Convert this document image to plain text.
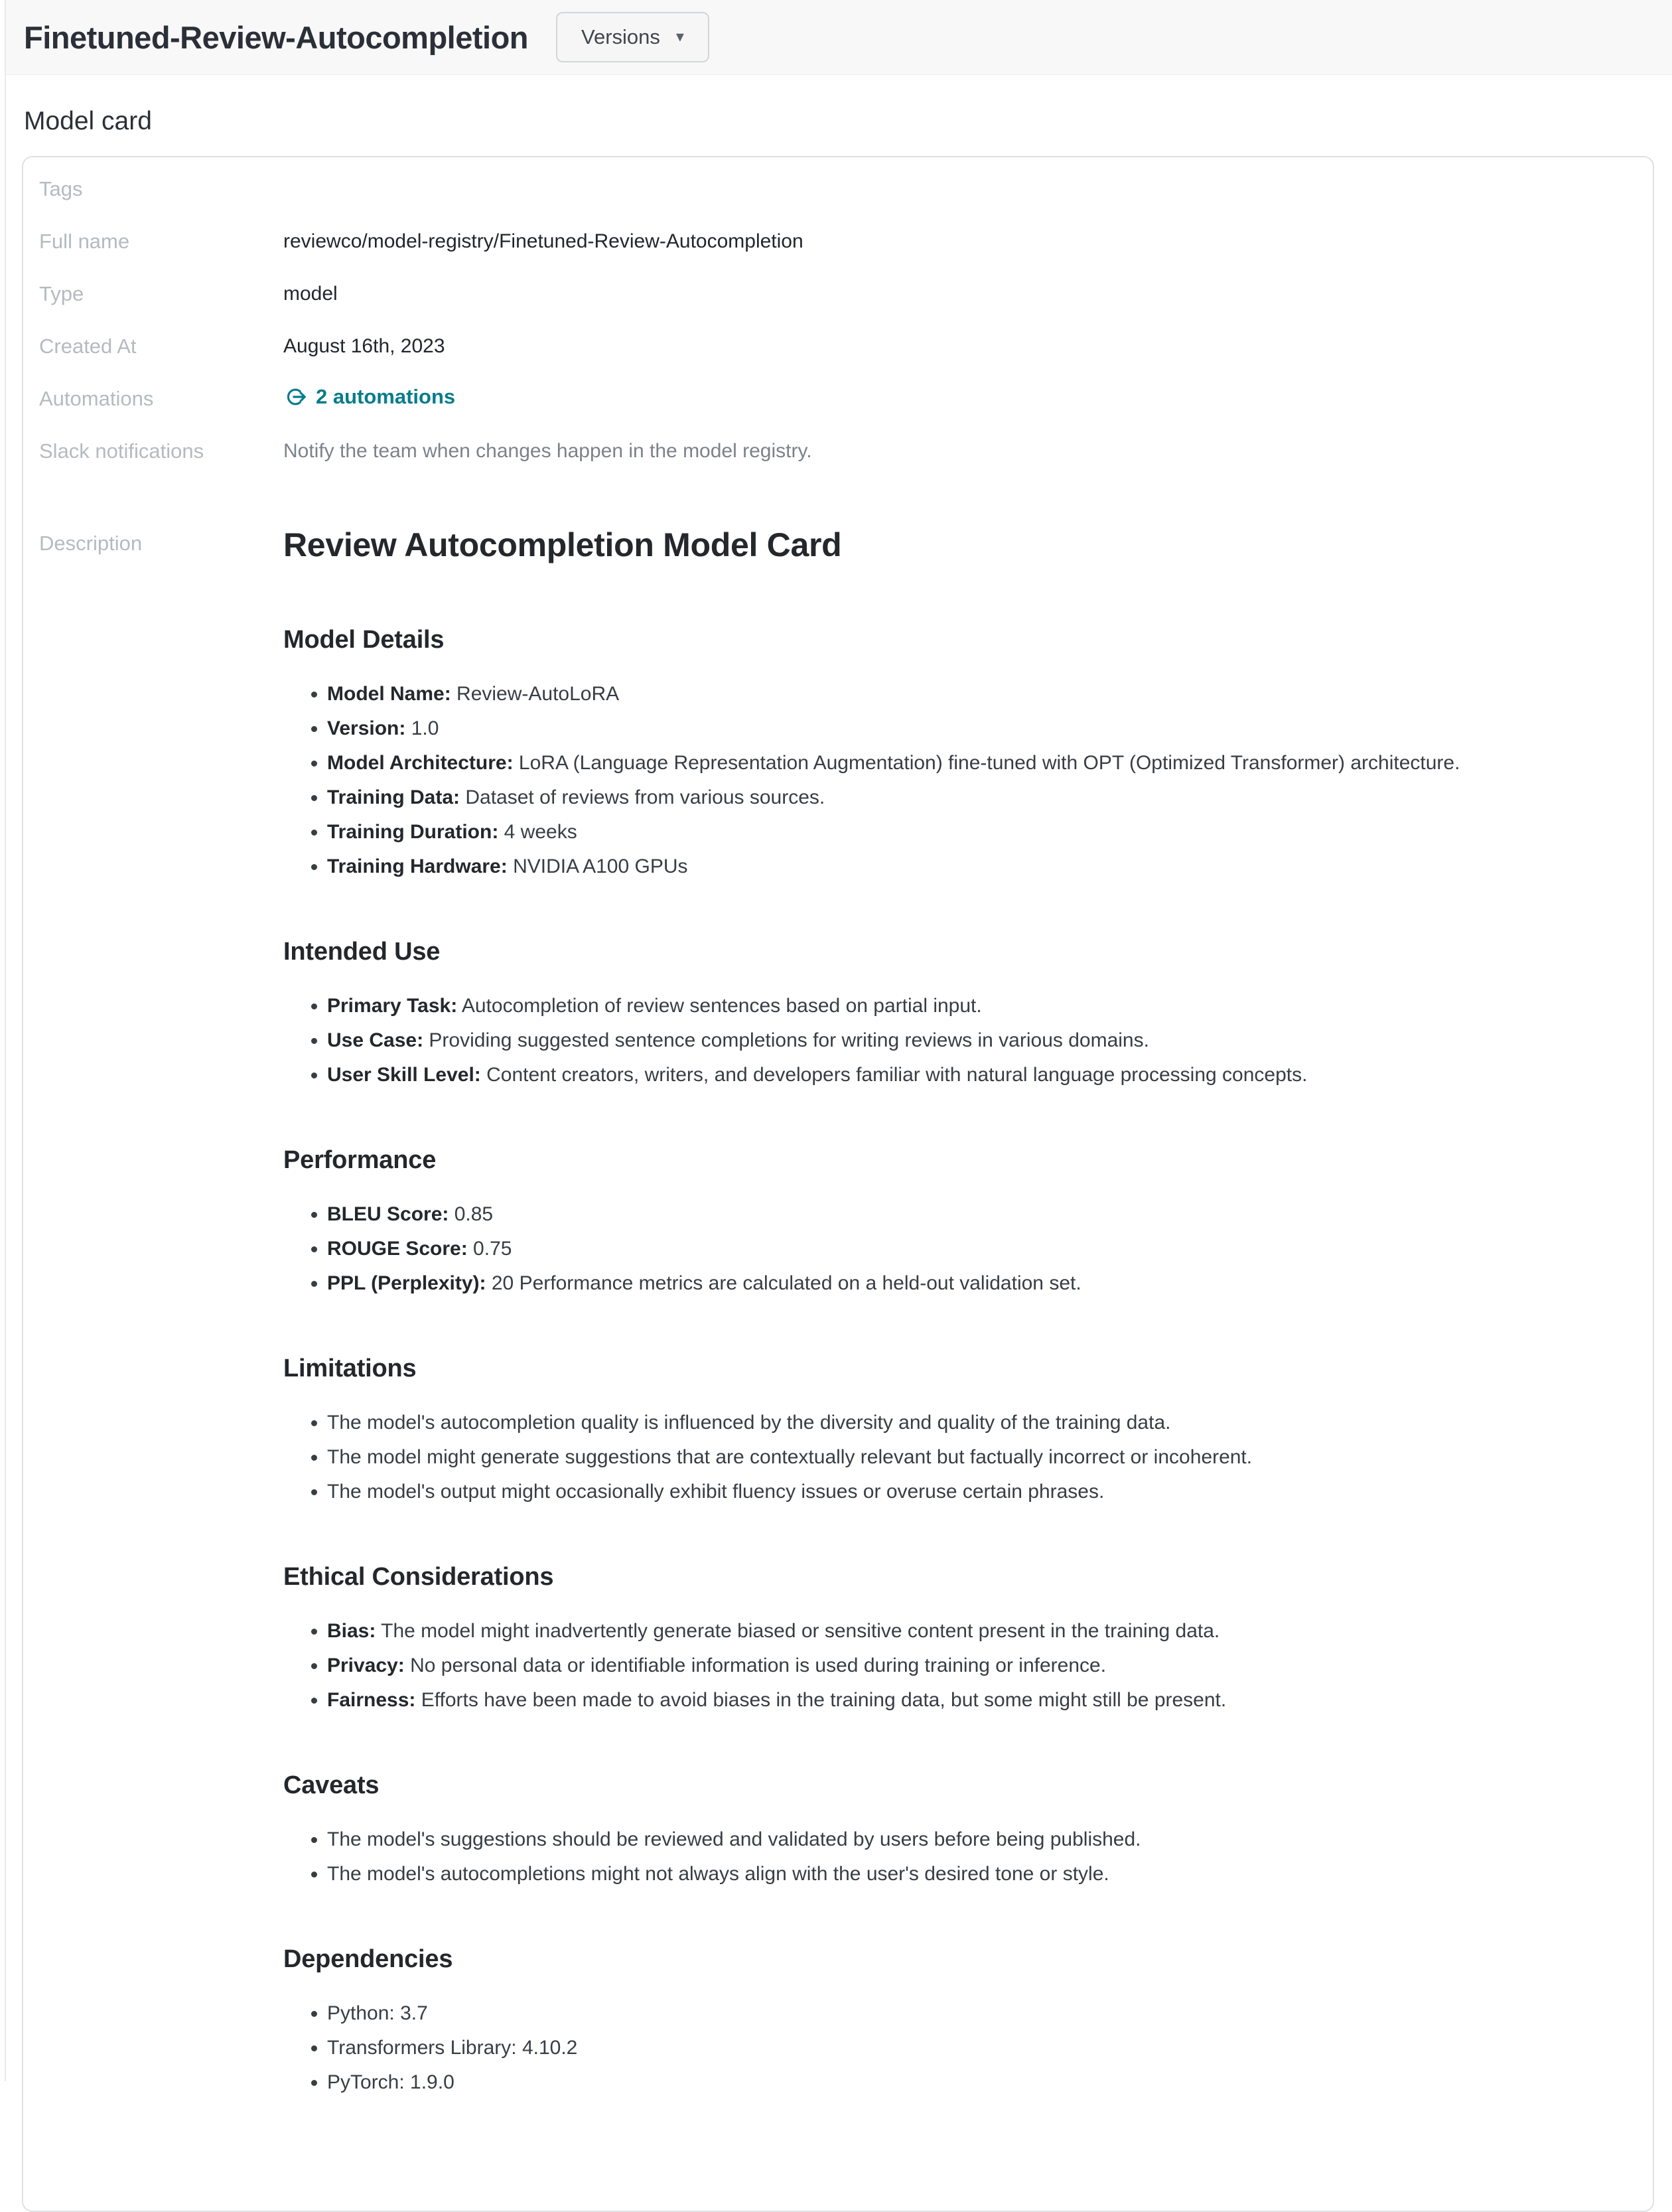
Finetuned-Review-Autocompletion	Versions ▾
Model card
Tags
Full name	reviewco/model-registry/Finetuned-Review-Autocompletion
Type	model
Created At	August 16th, 2023
Automations	2 automations
Slack notifications	Notify the team when changes happen in the model registry.
Description	Review Autocompletion Model Card
Model Details
• Model Name: Review-AutoLoRA
• Version: 1.0
• Model Architecture: LoRA (Language Representation Augmentation) fine-tuned with OPT (Optimized Transformer) architecture.
• Training Data: Dataset of reviews from various sources.
• Training Duration: 4 weeks
• Training Hardware: NVIDIA A100 GPUs
Intended Use
• Primary Task: Autocompletion of review sentences based on partial input.
• Use Case: Providing suggested sentence completions for writing reviews in various domains.
• User Skill Level: Content creators, writers, and developers familiar with natural language processing concepts.
Performance
• BLEU Score: 0.85
• ROUGE Score: 0.75
• PPL (Perplexity): 20 Performance metrics are calculated on a held-out validation set.
Limitations
• The model's autocompletion quality is influenced by the diversity and quality of the training data.
• The model might generate suggestions that are contextually relevant but factually incorrect or incoherent.
• The model's output might occasionally exhibit fluency issues or overuse certain phrases.
Ethical Considerations
• Bias: The model might inadvertently generate biased or sensitive content present in the training data.
• Privacy: No personal data or identifiable information is used during training or inference.
• Fairness: Efforts have been made to avoid biases in the training data, but some might still be present.
Caveats
• The model's suggestions should be reviewed and validated by users before being published.
• The model's autocompletions might not always align with the user's desired tone or style.
Dependencies
• Python: 3.7
• Transformers Library: 4.10.2
• PyTorch: 1.9.0
